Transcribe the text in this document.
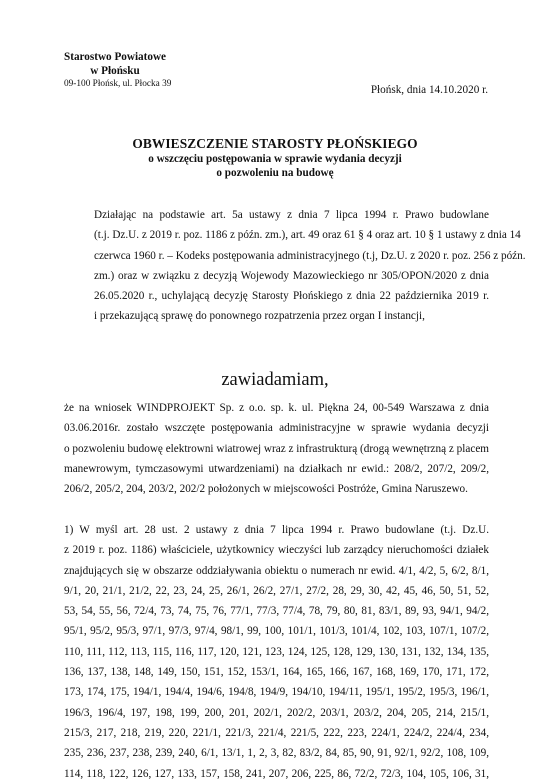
Starostwo Powiatowe
w Płońsku
09-100 Płońsk, ul. Płocka 39	Płońsk, dnia 14.10.2020 r.
OBWIESZCZENIE STAROSTY PŁOŃSKIEGO
o wszczęciu postępowania w sprawie wydania decyzji
o pozwoleniu na budowę
Działając na podstawie art. 5a ustawy z dnia 7 lipca 1994 r. Prawo budowlane
(t.j. Dz.U. z 2019 r. poz. 1186 z późn. zm.), art. 49 oraz 61 § 4 oraz art. 10 § 1 ustawy z dnia 14
czerwca 1960 r. – Kodeks postępowania administracyjnego (t.j, Dz.U. z 2020 r. poz. 256 z późn.
zm.) oraz w związku z decyzją Wojewody Mazowieckiego nr 305/OPON/2020 z dnia
26.05.2020 r., uchylającą decyzję Starosty Płońskiego z dnia 22 października 2019 r.
i przekazującą sprawę do ponownego rozpatrzenia przez organ I instancji,
zawiadamiam,
że na wniosek WINDPROJEKT Sp. z o.o. sp. k. ul. Piękna 24, 00-549 Warszawa z dnia
03.06.2016r. zostało wszczęte postępowania administracyjne w sprawie wydania decyzji
o pozwoleniu budowę elektrowni wiatrowej wraz z infrastrukturą (drogą wewnętrzną z placem
manewrowym, tymczasowymi utwardzeniami) na działkach nr ewid.: 208/2, 207/2, 209/2,
206/2, 205/2, 204, 203/2, 202/2 położonych w miejscowości Postróże, Gmina Naruszewo.
1) W myśl art. 28 ust. 2 ustawy z dnia 7 lipca 1994 r. Prawo budowlane (t.j. Dz.U.
z 2019 r. poz. 1186) właściciele, użytkownicy wieczyści lub zarządcy nieruchomości działek
znajdujących się w obszarze oddziaływania obiektu o numerach nr ewid. 4/1, 4/2, 5, 6/2, 8/1,
9/1, 20, 21/1, 21/2, 22, 23, 24, 25, 26/1, 26/2, 27/1, 27/2, 28, 29, 30, 42, 45, 46, 50, 51, 52,
53, 54, 55, 56, 72/4, 73, 74, 75, 76, 77/1, 77/3, 77/4, 78, 79, 80, 81, 83/1, 89, 93, 94/1, 94/2,
95/1, 95/2, 95/3, 97/1, 97/3, 97/4, 98/1, 99, 100, 101/1, 101/3, 101/4, 102, 103, 107/1, 107/2,
110, 111, 112, 113, 115, 116, 117, 120, 121, 123, 124, 125, 128, 129, 130, 131, 132, 134, 135,
136, 137, 138, 148, 149, 150, 151, 152, 153/1, 164, 165, 166, 167, 168, 169, 170, 171, 172,
173, 174, 175, 194/1, 194/4, 194/6, 194/8, 194/9, 194/10, 194/11, 195/1, 195/2, 195/3, 196/1,
196/3, 196/4, 197, 198, 199, 200, 201, 202/1, 202/2, 203/1, 203/2, 204, 205, 214, 215/1,
215/3, 217, 218, 219, 220, 221/1, 221/3, 221/4, 221/5, 222, 223, 224/1, 224/2, 224/4, 234,
235, 236, 237, 238, 239, 240, 6/1, 13/1, 1, 2, 3, 82, 83/2, 84, 85, 90, 91, 92/1, 92/2, 108, 109,
114, 118, 122, 126, 127, 133, 157, 158, 241, 207, 206, 225, 86, 72/2, 72/3, 104, 105, 106, 31,
